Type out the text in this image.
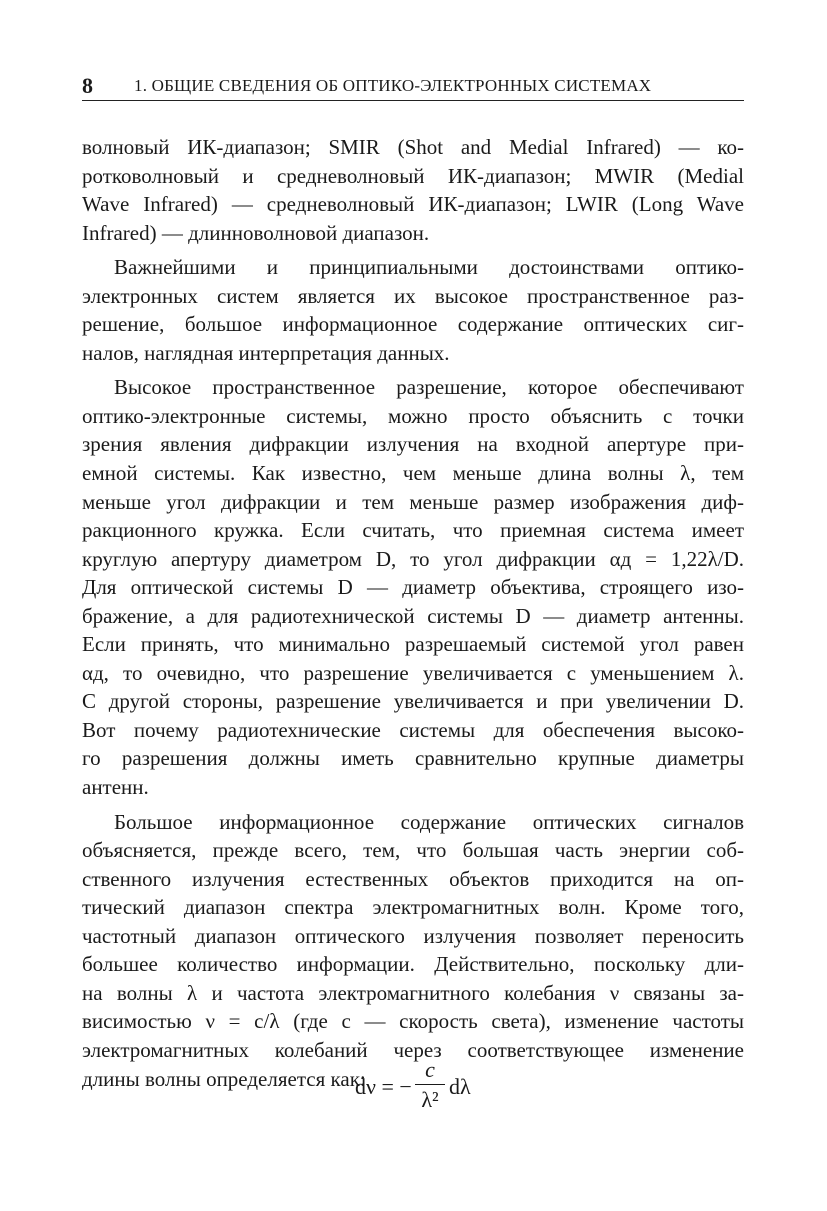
8 1. ОБЩИЕ СВЕДЕНИЯ ОБ ОПТИКО-ЭЛЕКТРОННЫХ СИСТЕМАХ
волновый ИК-диапазон; SMIR (Shot and Medial Infrared) — ко-
ротковолновый и средневолновый ИК-диапазон; MWIR (Medial
Wave Infrared) — средневолновый ИК-диапазон; LWIR (Long Wave
Infrared) — длинноволновой диапазон.
Важнейшими и принципиальными достоинствами оптико-
электронных систем является их высокое пространственное раз-
решение, большое информационное содержание оптических сиг-
налов, наглядная интерпретация данных.
Высокое пространственное разрешение, которое обеспечивают
оптико-электронные системы, можно просто объяснить с точки
зрения явления дифракции излучения на входной апертуре при-
емной системы. Как известно, чем меньше длина волны λ, тем
меньше угол дифракции и тем меньше размер изображения диф-
ракционного кружка. Если считать, что приемная система имеет
круглую апертуру диаметром D, то угол дифракции αд = 1,22λ/D.
Для оптической системы D — диаметр объектива, строящего изо-
бражение, а для радиотехнической системы D — диаметр антенны.
Если принять, что минимально разрешаемый системой угол равен
αд, то очевидно, что разрешение увеличивается с уменьшением λ.
С другой стороны, разрешение увеличивается и при увеличении D.
Вот почему радиотехнические системы для обеспечения высоко-
го разрешения должны иметь сравнительно крупные диаметры
антенн.
Большое информационное содержание оптических сигналов
объясняется, прежде всего, тем, что большая часть энергии соб-
ственного излучения естественных объектов приходится на оп-
тический диапазон спектра электромагнитных волн. Кроме того,
частотный диапазон оптического излучения позволяет переносить
большее количество информации. Действительно, поскольку дли-
на волны λ и частота электромагнитного колебания ν связаны за-
висимостью ν = c/λ (где c — скорость света), изменение частоты
электромагнитных колебаний через соответствующее изменение
длины волны определяется как:
dν = −
c
λ²
dλ
